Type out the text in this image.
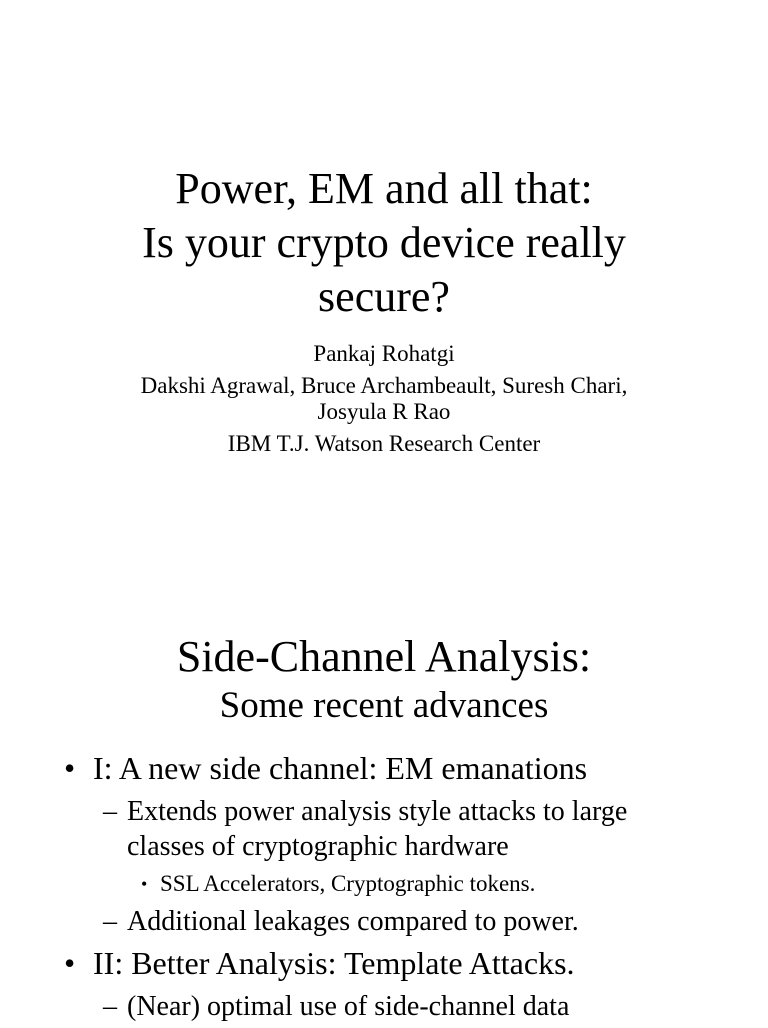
Power, EM and all that:
Is your crypto device really
secure?
Pankaj Rohatgi
Dakshi Agrawal, Bruce Archambeault, Suresh Chari,
Josyula R Rao
IBM T.J. Watson Research Center
Side-Channel Analysis:
Some recent advances
• I: A new side channel: EM emanations
– Extends power analysis style attacks to large classes of cryptographic hardware
• SSL Accelerators, Cryptographic tokens.
– Additional leakages compared to power.
• II: Better Analysis: Template Attacks.
– (Near) optimal use of side-channel data
